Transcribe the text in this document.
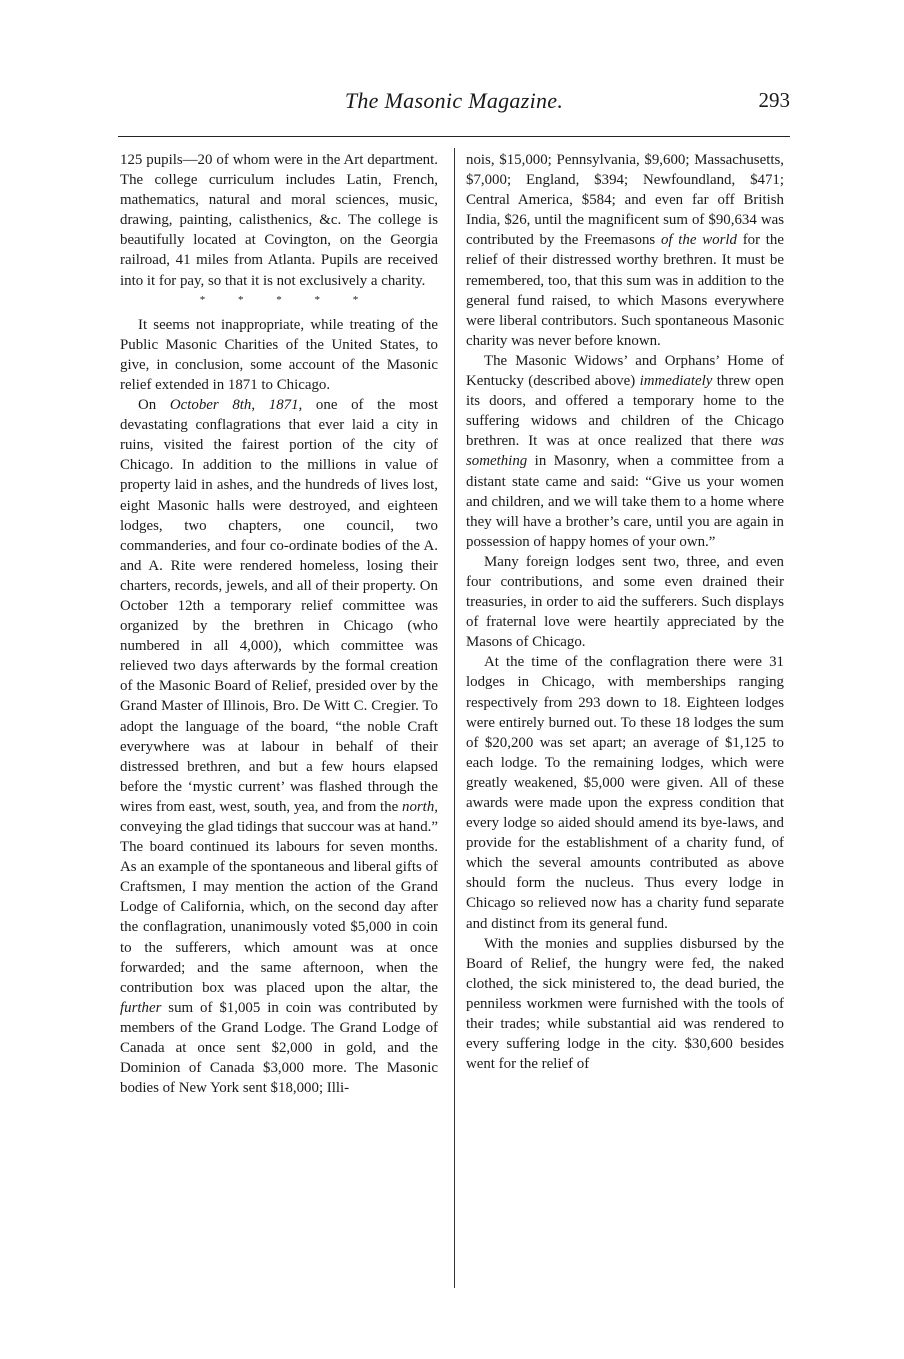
The Masonic Magazine.	293

125 pupils—20 of whom were in the Art department. The college curriculum includes Latin, French, mathematics, natural and moral sciences, music, drawing, painting, calisthenics, &c. The college is beautifully located at Covington, on the Georgia railroad, 41 miles from Atlanta. Pupils are received into it for pay, so that it is not exclusively a charity.

* * * * *

It seems not inappropriate, while treating of the Public Masonic Charities of the United States, to give, in conclusion, some account of the Masonic relief extended in 1871 to Chicago.

On October 8th, 1871, one of the most devastating conflagrations that ever laid a city in ruins, visited the fairest portion of the city of Chicago. In addition to the millions in value of property laid in ashes, and the hundreds of lives lost, eight Masonic halls were destroyed, and eighteen lodges, two chapters, one council, two commanderies, and four co-ordinate bodies of the A. and A. Rite were rendered homeless, losing their charters, records, jewels, and all of their property. On October 12th a temporary relief committee was organized by the brethren in Chicago (who numbered in all 4,000), which committee was relieved two days afterwards by the formal creation of the Masonic Board of Relief, presided over by the Grand Master of Illinois, Bro. De Witt C. Cregier. To adopt the language of the board, “the noble Craft everywhere was at labour in behalf of their distressed brethren, and but a few hours elapsed before the ‘mystic current’ was flashed through the wires from east, west, south, yea, and from the north, conveying the glad tidings that succour was at hand.” The board continued its labours for seven months. As an example of the spontaneous and liberal gifts of Craftsmen, I may mention the action of the Grand Lodge of California, which, on the second day after the conflagration, unanimously voted $5,000 in coin to the sufferers, which amount was at once forwarded; and the same afternoon, when the contribution box was placed upon the altar, the further sum of $1,005 in coin was contributed by members of the Grand Lodge. The Grand Lodge of Canada at once sent $2,000 in gold, and the Dominion of Canada $3,000 more. The Masonic bodies of New York sent $18,000; Illi-

nois, $15,000; Pennsylvania, $9,600; Massachusetts, $7,000; England, $394; Newfoundland, $471; Central America, $584; and even far off British India, $26, until the magnificent sum of $90,634 was contributed by the Freemasons of the world for the relief of their distressed worthy brethren. It must be remembered, too, that this sum was in addition to the general fund raised, to which Masons everywhere were liberal contributors. Such spontaneous Masonic charity was never before known.

The Masonic Widows’ and Orphans’ Home of Kentucky (described above) immediately threw open its doors, and offered a temporary home to the suffering widows and children of the Chicago brethren. It was at once realized that there was something in Masonry, when a committee from a distant state came and said: “Give us your women and children, and we will take them to a home where they will have a brother’s care, until you are again in possession of happy homes of your own.”

Many foreign lodges sent two, three, and even four contributions, and some even drained their treasuries, in order to aid the sufferers. Such displays of fraternal love were heartily appreciated by the Masons of Chicago.

At the time of the conflagration there were 31 lodges in Chicago, with memberships ranging respectively from 293 down to 18. Eighteen lodges were entirely burned out. To these 18 lodges the sum of $20,200 was set apart; an average of $1,125 to each lodge. To the remaining lodges, which were greatly weakened, $5,000 were given. All of these awards were made upon the express condition that every lodge so aided should amend its bye-laws, and provide for the establishment of a charity fund, of which the several amounts contributed as above should form the nucleus. Thus every lodge in Chicago so relieved now has a charity fund separate and distinct from its general fund.

With the monies and supplies disbursed by the Board of Relief, the hungry were fed, the naked clothed, the sick ministered to, the dead buried, the penniless workmen were furnished with the tools of their trades; while substantial aid was rendered to every suffering lodge in the city. $30,600 besides went for the relief of
